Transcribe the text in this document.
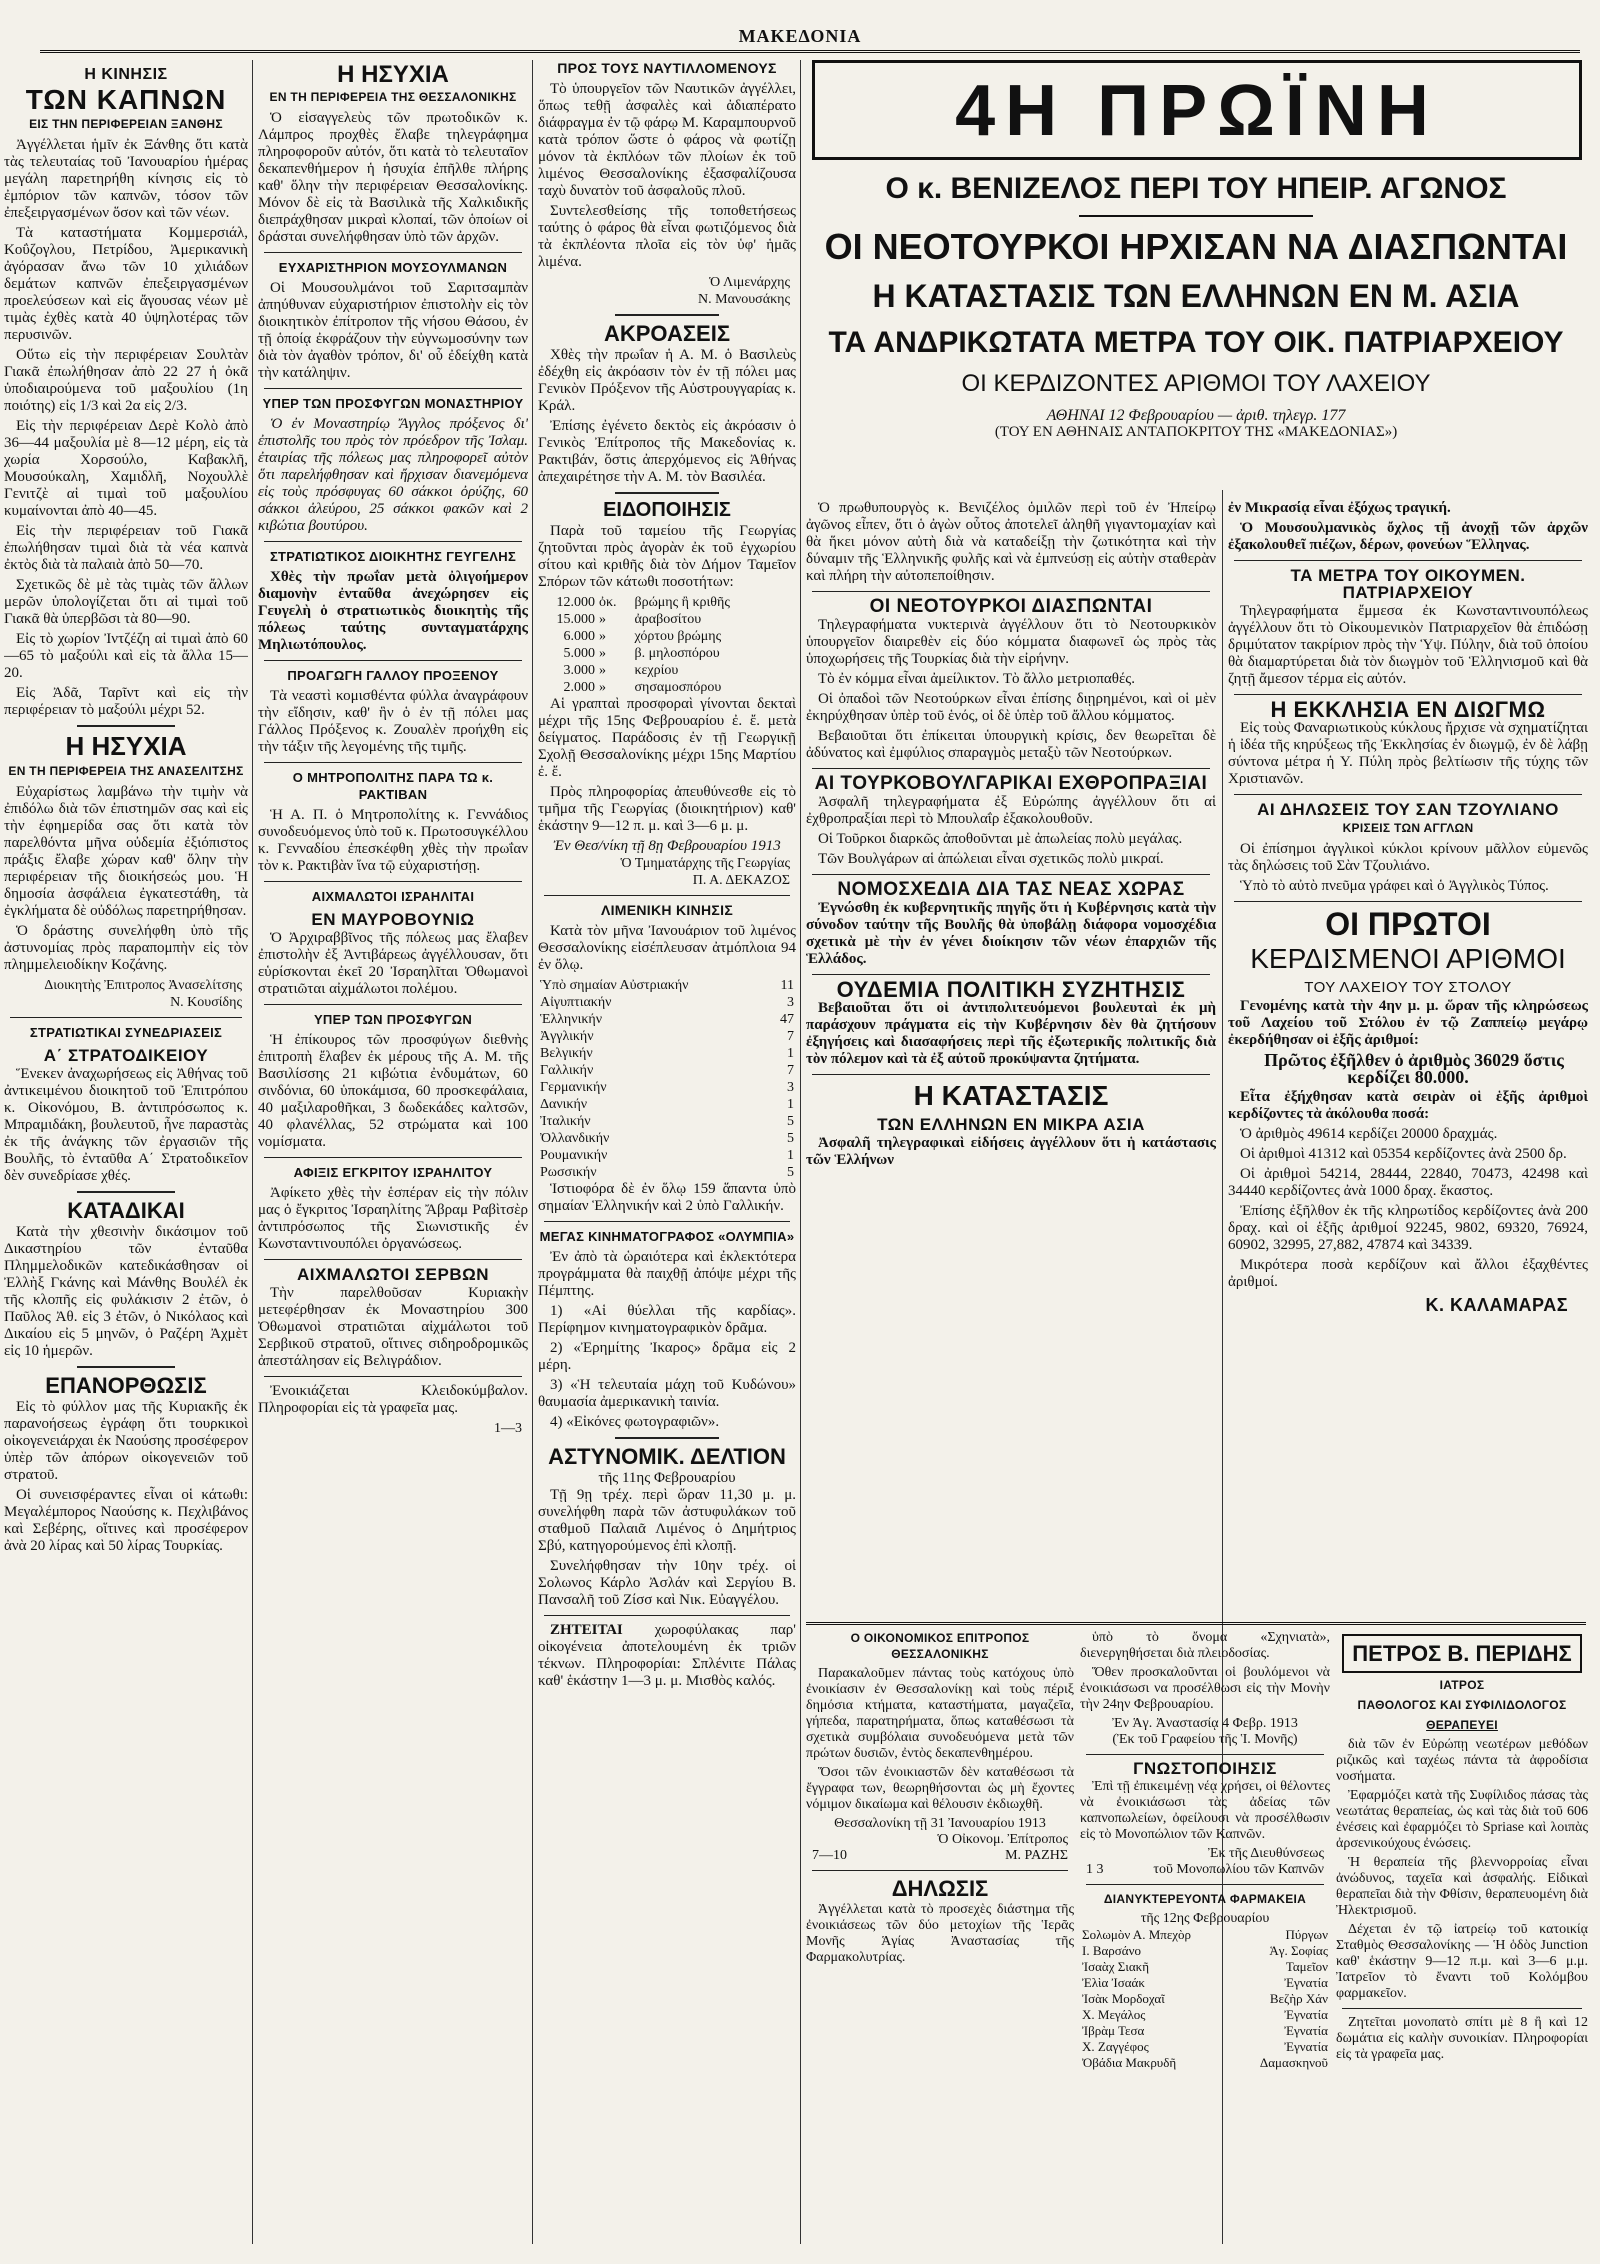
ΜΑΚΕΔΟΝΙΑ
Η ΚΙΝΗΣΙΣ
ΤΩΝ ΚΑΠΝΩΝ
ΕΙΣ ΤΗΝ ΠΕΡΙΦΕΡΕΙΑΝ ΞΑΝΘΗΣ

Ἀγγέλλεται ἡμῖν ἐκ Ξάνθης ὅτι κατὰ τὰς τελευταίας τοῦ Ἰανουαρίου ἡμέρας μεγάλη παρετηρήθη κίνησις εἰς τὸ ἐμπόριον τῶν καπνῶν, τόσον τῶν ἐπεξειργασμένων ὅσον καὶ τῶν νέων.

Τὰ καταστήματα Κομμερσιάλ, Κοΰζογλου, Πετρίδου, Ἀμερικανικὴ ἀγόρασαν ἄνω τῶν 10 χιλιάδων δεμάτων καπνῶν ἐπεξειργασμένων προελεύσεων καὶ εἰς ἄγουσας νέων μὲ τιμὰς ἐχθὲς κατὰ 40 ὑψηλοτέρας τῶν περυσινῶν.

Οὕτω εἰς τὴν περιφέρειαν Σουλτὰν Γιακᾶ ἐπωλήθησαν ἀπὸ 22 27 ἡ ὀκᾶ ὑποδιαιρούμενα τοῦ μαξουλίου (1η ποιότης) εἰς 1/3 καὶ 2α εἰς 2/3.

Εἰς τὴν περιφέρειαν Δερὲ Κολὸ ἀπὸ 36—44 μαξουλία μὲ 8—12 μέρη, εἰς τὰ χωρία Χορσούλο, Καβακλῆ, Μουσούκαλη, Χαμιδλῆ, Νοχουλλὲ Γενιτζὲ αἱ τιμαὶ τοῦ μαξουλίου κυμαίνονται ἀπὸ 40—45.

Εἰς τὴν περιφέρειαν τοῦ Γιακᾶ ἐπωλήθησαν τιμαὶ διὰ τὰ νέα καπνὰ ἐκτὸς διὰ τὰ παλαιὰ ἀπὸ 50—70.

Σχετικῶς δὲ μὲ τὰς τιμὰς τῶν ἄλλων μερῶν ὑπολογίζεται ὅτι αἱ τιμαὶ τοῦ Γιακᾶ θὰ ὑπερβῶσι τὰ 80—90.

Εἰς τὸ χωρίον Ἰντζέζη αἱ τιμαὶ ἀπὸ 60—65 τὸ μαξούλι καὶ εἰς τὰ ἄλλα 15—20.

Εἰς Ἀδᾶ, Ταρῖντ καὶ εἰς τὴν περιφέρειαν τὸ μαξούλι μέχρι 52.

Η ΗΣΥΧΙΑ
ΕΝ ΤΗ ΠΕΡΙΦΕΡΕΙΑ ΤΗΣ ΑΝΑΣΕΛΙΤΣΗΣ

Εὐχαρίστως λαμβάνω τὴν τιμὴν νὰ ἐπιδόλω διὰ τῶν ἐπιστημῶν σας καὶ εἰς τὴν ἐφημερίδα σας ὅτι κατὰ τὸν παρελθόντα μῆνα οὐδεμία ἐξιόπιστος πράξις ἔλαβε χώραν καθ' ὅλην τὴν περιφέρειαν τῆς διοικήσεώς μου. Ἡ δημοσία ἀσφάλεια ἐγκατεστάθη, τὰ ἐγκλήματα δὲ οὐδόλως παρετηρήθησαν.

Ὁ δράστης συνελήφθη ὑπὸ τῆς ἀστυνομίας πρὸς παραπομπὴν εἰς τὸν πλημμελειοδίκην Κοζάνης.

Διοικητὴς Ἐπιτροπος Ἀνασελίτσης
Ν. Κουσίδης
ΣΤΡΑΤΙΩΤΙΚΑΙ ΣΥΝΕΔΡΙΑΣΕΙΣ
Α΄ ΣΤΡΑΤΟΔΙΚΕΙΟΥ

Ἕνεκεν ἀναχωρήσεως εἰς Ἀθήνας τοῦ ἀντικειμένου διοικητοῦ τοῦ Ἐπιτρόπου κ. Οἰκονόμου, Β. ἀντιπρόσωπος κ. Μπραμιδάκη, βουλευτοῦ, ἦνε παραστὰς ἐκ τῆς ἀνάγκης τῶν ἐργασιῶν τῆς Βουλῆς, τὸ ἐνταῦθα Α΄ Στρατοδικεῖον δὲν συνεδρίασε χθές.

ΚΑΤΑΔΙΚΑΙ

Κατὰ τὴν χθεσινὴν δικάσιμον τοῦ Δικαστηρίου τῶν ἐνταῦθα Πλημμελοδικῶν κατεδικάσθησαν οἱ Ἐλλὴξ Γκάνης καὶ Μάνθης Βουλέλ ἐκ τῆς κλοπῆς εἰς φυλάκισιν 2 ἐτῶν, ὁ Παῦλος Ἀθ. εἰς 3 ἐτῶν, ὁ Νικόλαος καὶ Δικαίου εἰς 5 μηνῶν, ὁ Ραζέρη Ἀχμὲτ εἰς 10 ἡμερῶν.

ΕΠΑΝΟΡΘΩΣΙΣ

Εἰς τὸ φύλλον μας τῆς Κυριακῆς ἐκ παρανοήσεως ἐγράφη ὅτι τουρκικοὶ οἰκογενειάρχαι ἐκ Ναούσης προσέφερον ὑπὲρ τῶν ἀπόρων οἰκογενειῶν τοῦ στρατοῦ.

Οἱ συνεισφέραντες εἶναι οἱ κάτωθι: Μεγαλέμπορος Ναούσης κ. Πεχλιβάνος καὶ Σεβέρης, οἵτινες καὶ προσέφερον ἀνὰ 20 λίρας καὶ 50 λίρας Τουρκίας.

Η ΗΣΥΧΙΑ
ΕΝ ΤΗ ΠΕΡΙΦΕΡΕΙΑ ΤΗΣ ΘΕΣΣΑΛΟΝΙΚΗΣ

Ὁ εἰσαγγελεὺς τῶν πρωτοδικῶν κ. Λάμπρος προχθὲς ἔλαβε τηλεγράφημα πληροφοροῦν αὐτόν, ὅτι κατὰ τὸ τελευταῖον δεκαπενθήμερον ἡ ἡσυχία ἐπῆλθε πλήρης καθ' ὅλην τὴν περιφέρειαν Θεσσαλονίκης. Μόνον δὲ εἰς τὰ Βασιλικὰ τῆς Χαλκιδικῆς διεπράχθησαν μικραὶ κλοπαί, τῶν ὁποίων οἱ δράσται συνελήφθησαν ὑπὸ τῶν ἀρχῶν.

ΕΥΧΑΡΙΣΤΗΡΙΟΝ ΜΟΥΣΟΥΛΜΑΝΩΝ

Οἱ Μουσουλμάνοι τοῦ Σαριτσαμπὰν ἀπηύθυναν εὐχαριστήριον ἐπιστολὴν εἰς τὸν διοικητικὸν ἐπίτροπον τῆς νήσου Θάσου, ἐν τῇ ὁποίᾳ ἐκφράζουν τὴν εὐγνωμοσύνην των διὰ τὸν ἀγαθὸν τρόπον, δι' οὗ ἐδείχθη κατὰ τὴν κατάληψιν.

ΥΠΕΡ ΤΩΝ ΠΡΟΣΦΥΓΩΝ ΜΟΝΑΣΤΗΡΙΟΥ

Ὁ ἐν Μοναστηρίῳ Ἄγγλος πρόξενος δι' ἐπιστολῆς του πρὸς τὸν πρόεδρον τῆς Ἰσλαμ. ἐταιρίας τῆς πόλεως μας πληροφορεῖ αὐτὸν ὅτι παρελήφθησαν καὶ ἤρχισαν διανεμόμενα εἰς τοὺς πρόσφυγας 60 σάκκοι ὀρύζης, 60 σάκκοι ἀλεύρου, 25 σάκκοι φακῶν καὶ 2 κιβώτια βουτύρου.

ΣΤΡΑΤΙΩΤΙΚΟΣ ΔΙΟΙΚΗΤΗΣ ΓΕΥΓΕΛΗΣ

Χθὲς τὴν πρωΐαν μετὰ ὀλιγοήμερον διαμονὴν ἐνταῦθα ἀνεχώρησεν εἰς Γευγελὴ ὁ στρατιωτικὸς διοικητὴς τῆς πόλεως ταύτης συνταγματάρχης Μηλιωτόπουλος.

ΠΡΟΑΓΩΓΗ ΓΑΛΛΟΥ ΠΡΟΞΕΝΟΥ

Τὰ νεαστὶ κομισθέντα φύλλα ἀναγράφουν τὴν εἴδησιν, καθ' ἣν ὁ ἐν τῇ πόλει μας Γάλλος Πρόξενος κ. Ζουαλὲν προήχθη εἰς τὴν τάξιν τῆς λεγομένης τῆς τιμῆς.

Ο ΜΗΤΡΟΠΟΛΙΤΗΣ ΠΑΡΑ ΤΩ κ. ΡΑΚΤΙΒΑΝ

Ἡ Α. Π. ὁ Μητροπολίτης κ. Γεννάδιος συνοδευόμενος ὑπὸ τοῦ κ. Πρωτοσυγκέλλου κ. Γενναδίου ἐπεσκέφθη χθὲς τὴν πρωΐαν τὸν κ. Ρακτιβὰν ἵνα τῷ εὐχαριστήσῃ.

ΑΙΧΜΑΛΩΤΟΙ ΙΣΡΑΗΛΙΤΑΙ
ΕΝ ΜΑΥΡΟΒΟΥΝΙΩ

Ὁ Ἀρχιραββῖνος τῆς πόλεως μας ἔλαβεν ἐπιστολὴν ἐξ Ἀντιβάρεως ἀγγέλλουσαν, ὅτι εὑρίσκονται ἐκεῖ 20 Ἰσραηλῖται Ὀθωμανοὶ στρατιῶται αἰχμάλωτοι πολέμου.

ΥΠΕΡ ΤΩΝ ΠΡΟΣΦΥΓΩΝ

Ἡ ἐπίκουρος τῶν προσφύγων διεθνὴς ἐπιτροπὴ ἔλαβεν ἐκ μέρους τῆς Α. Μ. τῆς Βασιλίσσης 21 κιβώτια ἐνδυμάτων, 60 σινδόνια, 60 ὑποκάμισα, 60 προσκεφάλαια, 40 μαξιλαροθῆκαι, 3 δωδεκάδες καλτσῶν, 40 φλανέλλας, 52 στρώματα καὶ 100 νομίσματα.

ΑΦΙΞΙΣ ΕΓΚΡΙΤΟΥ ΙΣΡΑΗΛΙΤΟΥ

Ἀφίκετο χθὲς τὴν ἑσπέραν εἰς τὴν πόλιν μας ὁ ἔγκριτος Ἰσραηλίτης Ἄβραμ Ραβὶτσὲρ ἀντιπρόσωπος τῆς Σιωνιστικῆς ἐν Κωνσταντινουπόλει ὀργανώσεως.

ΑΙΧΜΑΛΩΤΟΙ ΣΕΡΒΩΝ

Τὴν παρελθοῦσαν Κυριακὴν μετεφέρθησαν ἐκ Μοναστηρίου 300 Ὀθωμανοὶ στρατιῶται αἰχμάλωτοι τοῦ Σερβικοῦ στρατοῦ, οἵτινες σιδηροδρομικῶς ἀπεστάλησαν εἰς Βελιγράδιον.

Ἐνοικιάζεται Κλειδοκύμβαλον. Πληροφορίαι εἰς τὰ γραφεῖα μας.

1—3
ΠΡΟΣ ΤΟΥΣ ΝΑΥΤΙΛΛΟΜΕΝΟΥΣ

Τὸ ὑπουργεῖον τῶν Ναυτικῶν ἀγγέλλει, ὅπως τεθῇ ἀσφαλὲς καὶ ἀδιαπέρατο διάφραγμα ἐν τῷ φάρῳ Μ. Καραμπουρνοῦ κατὰ τρόπον ὥστε ὁ φάρος νὰ φωτίζῃ μόνον τὰ ἐκπλόων τῶν πλοίων ἐκ τοῦ λιμένος Θεσσαλονίκης ἐξασφαλίζουσα ταχὺ δυνατὸν τοῦ ἀσφαλοῦς πλοῦ.

Συντελεσθείσης τῆς τοποθετήσεως ταύτης ὁ φάρος θὰ εἶναι φωτιζόμενος διὰ τὰ ἐκπλέοντα πλοῖα εἰς τὸν ὑφ' ἡμᾶς λιμένα.

Ὁ Λιμενάρχης
Ν. Μανουσάκης
ΑΚΡΟΑΣΕΙΣ

Χθὲς τὴν πρωΐαν ἡ Α. Μ. ὁ Βασιλεὺς ἐδέχθη εἰς ἀκρόασιν τὸν ἐν τῇ πόλει μας Γενικὸν Πρόξενον τῆς Αὐστρουγγαρίας κ. Κράλ.

Ἐπίσης ἐγένετο δεκτὸς εἰς ἀκρόασιν ὁ Γενικὸς Ἐπίτροπος τῆς Μακεδονίας κ. Ρακτιβάν, ὅστις ἀπερχόμενος εἰς Ἀθήνας ἀπεχαιρέτησε τὴν Α. Μ. τὸν Βασιλέα.

ΕΙΔΟΠΟΙΗΣΙΣ

Παρὰ τοῦ ταμείου τῆς Γεωργίας ζητοῦνται πρὸς ἀγορὰν ἐκ τοῦ ἐγχωρίου σίτου καὶ κριθῆς διὰ τὸν Δήμον Ταμεῖον Σπόρων τῶν κάτωθι ποσοτήτων:

12.000	ὀκ.	βρώμης ἢ κριθῆς
15.000	»	ἀραβοσίτου
6.000	»	χόρτου βρώμης
5.000	»	β. μηλοσπόρου
3.000	»	κεχρίου
2.000	»	σησαμοσπόρου

Αἱ γραπταὶ προσφοραὶ γίνονται δεκταὶ μέχρι τῆς 15ης Φεβρουαρίου ἐ. ἔ. μετὰ δείγματος. Παράδοσις ἐν τῇ Γεωργικῇ Σχολῇ Θεσσαλονίκης μέχρι 15ης Μαρτίου ἐ. ἔ.

Πρὸς πληροφορίας ἀπευθύνεσθε εἰς τὸ τμῆμα τῆς Γεωργίας (διοικητήριον) καθ' ἑκάστην 9—12 π. μ. καὶ 3—6 μ. μ.

Ἐν Θεσ/νίκη τῇ 8ῃ Φεβρουαρίου 1913
Ὁ Τμηματάρχης τῆς Γεωργίας
Π. Α. ΔΕΚΑΖΟΣ
ΛΙΜΕΝΙΚΗ ΚΙΝΗΣΙΣ

Κατὰ τὸν μῆνα Ἰανουάριον τοῦ λιμένος Θεσσαλονίκης εἰσέπλευσαν ἀτμόπλοια 94 ἐν ὅλῳ.

Ὑπὸ σημαίαν Αὐστριακήν	11
Αἰγυπτιακήν	3
Ἑλληνικήν	47
Ἀγγλικήν	7
Βελγικήν	1
Γαλλικήν	7
Γερμανικήν	3
Δανικήν	1
Ἰταλικήν	5
Ὀλλανδικήν	5
Ρουμανικήν	1
Ρωσσικήν	5

Ἱστιοφόρα δὲ ἐν ὅλῳ 159 ἅπαντα ὑπὸ σημαίαν Ἑλληνικήν καὶ 2 ὑπὸ Γαλλικήν.

ΜΕΓΑΣ ΚΙΝΗΜΑΤΟΓΡΑΦΟΣ «ΟΛΥΜΠΙΑ»

Ἐν ἀπὸ τὰ ὡραιότερα καὶ ἐκλεκτότερα προγράμματα θὰ παιχθῇ ἀπόψε μέχρι τῆς Πέμπτης.

1) «Αἱ θύελλαι τῆς καρδίας». Περίφημον κινηματογραφικὸν δρᾶμα.

2) «Ἐρημίτης Ἰκαρος» δρᾶμα εἰς 2 μέρη.

3) «Ἡ τελευταία μάχη τοῦ Κυδώνου» θαυμασία ἀμερικανικὴ ταινία.

4) «Εἰκόνες φωτογραφιῶν».

ΑΣΤΥΝΟΜΙΚ. ΔΕΛΤΙΟΝ
τῆς 11ης Φεβρουαρίου

Τῇ 9ῃ τρέχ. περὶ ὥραν 11,30 μ. μ. συνελήφθη παρὰ τῶν ἀστυφυλάκων τοῦ σταθμοῦ Παλαιᾶ Λιμένος ὁ Δημήτριος Σβύ, κατηγορούμενος ἐπὶ κλοπῇ.

Συνελήφθησαν τὴν 10ην τρέχ. οἱ Σολωνος Κάρλο Ἀσλάν καὶ Σεργίου Β. Πανσαλῆ τοῦ Ζίσσ καὶ Νικ. Εὐαγγέλου.

ΖΗΤΕΙΤΑΙ χωροφύλακας παρ' οἰκογένεια ἀποτελουμένη ἐκ τριῶν τέκνων. Πληροφορίαι: Σπλένιτε Πάλας καθ' ἑκάστην 1—3 μ. μ. Μισθὸς καλός.

4Η ΠΡΩΪΝΗ
Ο κ. ΒΕΝΙΖΕΛΟΣ ΠΕΡΙ ΤΟΥ ΗΠΕΙΡ. ΑΓΩΝΟΣ
ΟΙ ΝΕΟΤΟΥΡΚΟΙ ΗΡΧΙΣΑΝ ΝΑ ΔΙΑΣΠΩΝΤΑΙ
Η ΚΑΤΑΣΤΑΣΙΣ ΤΩΝ ΕΛΛΗΝΩΝ ΕΝ Μ. ΑΣΙΑ
ΤΑ ΑΝΔΡΙΚΩΤΑΤΑ ΜΕΤΡΑ ΤΟΥ ΟΙΚ. ΠΑΤΡΙΑΡΧΕΙΟΥ
ΟΙ ΚΕΡΔΙΖΟΝΤΕΣ ΑΡΙΘΜΟΙ ΤΟΥ ΛΑΧΕΙΟΥ
ΑΘΗΝΑΙ 12 Φεβρουαρίου — ἀριθ. τηλεγρ. 177
(ΤΟΥ ΕΝ ΑΘΗΝΑΙΣ ΑΝΤΑΠΟΚΡΙΤΟΥ ΤΗΣ «ΜΑΚΕΔΟΝΙΑΣ»)

Ὁ πρωθυπουργὸς κ. Βενιζέλος ὁμιλῶν περὶ τοῦ ἐν Ἠπείρῳ ἀγῶνος εἶπεν, ὅτι ὁ ἀγὼν οὗτος ἀποτελεῖ ἀληθῆ γιγαντομαχίαν καὶ θὰ ἥκει μόνον αὐτὴ διὰ νὰ καταδείξῃ τὴν ζωτικότητα καὶ τὴν δύναμιν τῆς Ἑλληνικῆς φυλῆς καὶ νὰ ἐμπνεύσῃ εἰς αὐτὴν σταθερὰν καὶ πλήρη τὴν αὐτοπεποίθησιν.

ΟΙ ΝΕΟΤΟΥΡΚΟΙ ΔΙΑΣΠΩΝΤΑΙ

Τηλεγραφήματα νυκτερινὰ ἀγγέλλουν ὅτι τὸ Νεοτουρκικὸν ὑπουργεῖον διαιρεθὲν εἰς δύο κόμματα διαφωνεῖ ὡς πρὸς τὰς ὑποχωρήσεις τῆς Τουρκίας διὰ τὴν εἰρήνην.

Τὸ ἐν κόμμα εἶναι ἀμείλικτον. Τὸ ἄλλο μετριοπαθές.

Οἱ ὀπαδοὶ τῶν Νεοτούρκων εἶναι ἐπίσης διῃρημένοι, καὶ οἱ μὲν ἐκηρύχθησαν ὑπὲρ τοῦ ἑνός, οἱ δὲ ὑπὲρ τοῦ ἄλλου κόμματος.

Βεβαιοῦται ὅτι ἐπίκειται ὑπουργικὴ κρίσις, δεν θεωρεῖται δὲ ἀδύνατος καὶ ἐμφύλιος σπαραγμὸς μεταξὺ τῶν Νεοτούρκων.

ΑΙ ΤΟΥΡΚΟΒΟΥΛΓΑΡΙΚΑΙ ΕΧΘΡΟΠΡΑΞΙΑΙ

Ἀσφαλῆ τηλεγραφήματα ἐξ Εὐρώπης ἀγγέλλουν ὅτι αἱ ἐχθροπραξίαι περὶ τὸ Μπουλαΐρ ἐξακολουθοῦν.

Οἱ Τοῦρκοι διαρκῶς ἀποθοῦνται μὲ ἀπωλείας πολὺ μεγάλας.

Τῶν Βουλγάρων αἱ ἀπώλειαι εἶναι σχετικῶς πολὺ μικραί.

ΝΟΜΟΣΧΕΔΙΑ ΔΙΑ ΤΑΣ ΝΕΑΣ ΧΩΡΑΣ

Ἐγνώσθη ἐκ κυβερνητικῆς πηγῆς ὅτι ἡ Κυβέρνησις κατὰ τὴν σύνοδον ταύτην τῆς Βουλῆς θὰ ὑποβάλῃ διάφορα νομοσχέδια σχετικὰ μὲ τὴν ἐν γένει διοίκησιν τῶν νέων ἐπαρχιῶν τῆς Ἑλλάδος.

ΟΥΔΕΜΙΑ ΠΟΛΙΤΙΚΗ ΣΥΖΗΤΗΣΙΣ

Βεβαιοῦται ὅτι οἱ ἀντιπολιτευόμενοι βουλευταὶ ἐκ μὴ παράσχουν πράγματα εἰς τὴν Κυβέρνησιν δὲν θὰ ζητήσουν ἐξηγήσεις καὶ διασαφήσεις περὶ τῆς ἐξωτερικῆς πολιτικῆς διὰ τὸν πόλεμον καὶ τὰ ἐξ αὐτοῦ προκύψαντα ζητήματα.

Η ΚΑΤΑΣΤΑΣΙΣ
ΤΩΝ ΕΛΛΗΝΩΝ ΕΝ ΜΙΚΡΑ ΑΣΙΑ

Ἀσφαλῆ τηλεγραφικαὶ εἰδήσεις ἀγγέλλουν ὅτι ἡ κατάστασις τῶν Ἑλλήνων

ἐν Μικρασίᾳ εἶναι ἐξόχως τραγική.

Ὁ Μουσουλμανικὸς ὄχλος τῇ ἀνοχῇ τῶν ἀρχῶν ἐξακολουθεῖ πιέζων, δέρων, φονεύων Ἕλληνας.

ΤΑ ΜΕΤΡΑ ΤΟΥ ΟΙΚΟΥΜΕΝ. ΠΑΤΡΙΑΡΧΕΙΟΥ

Τηλεγραφήματα ἔμμεσα ἐκ Κωνσταντινουπόλεως ἀγγέλλουν ὅτι τὸ Οἰκουμενικὸν Πατριαρχεῖον θὰ ἐπιδώσῃ δριμύτατον τακρίριον πρὸς τὴν Ὑψ. Πύλην, διὰ τοῦ ὁποίου θὰ διαμαρτύρεται διὰ τὸν διωγμὸν τοῦ Ἑλληνισμοῦ καὶ θὰ ζητῇ ἄμεσον τέρμα εἰς αὐτόν.

Η ΕΚΚΛΗΣΙΑ ΕΝ ΔΙΩΓΜΩ

Εἰς τοὺς Φαναριωτικοὺς κύκλους ἤρχισε νὰ σχηματίζηται ἡ ἰδέα τῆς κηρύξεως τῆς Ἐκκλησίας ἐν διωγμῷ, ἐν δὲ λάβῃ σύντονα μέτρα ἡ Υ. Πύλη πρὸς βελτίωσιν τῆς τύχης τῶν Χριστιανῶν.

ΑΙ ΔΗΛΩΣΕΙΣ ΤΟΥ ΣΑΝ ΤΖΟΥΛΙΑΝΟ
ΚΡΙΣΕΙΣ ΤΩΝ ΑΓΓΛΩΝ

Οἱ ἐπίσημοι ἀγγλικοὶ κύκλοι κρίνουν μᾶλλον εὐμενῶς τὰς δηλώσεις τοῦ Σὰν Τζουλιάνο.

Ὑπὸ τὸ αὐτὸ πνεῦμα γράφει καὶ ὁ Ἀγγλικὸς Τύπος.

ΟΙ ΠΡΩΤΟΙ
ΚΕΡΔΙΣΜΕΝΟΙ ΑΡΙΘΜΟΙ
ΤΟΥ ΛΑΧΕΙΟΥ ΤΟΥ ΣΤΟΛΟΥ

Γενομένης κατὰ τὴν 4ην μ. μ. ὥραν τῆς κληρώσεως τοῦ Λαχείου τοῦ Στόλου ἐν τῷ Ζαππείῳ μεγάρῳ ἐκερδήθησαν οἱ ἑξῆς ἀριθμοί:

Πρῶτος ἐξῆλθεν ὁ ἀριθμὸς 36029 ὅστις κερδίζει 80.000.

Εἶτα ἐξήχθησαν κατὰ σειρὰν οἱ ἑξῆς ἀριθμοὶ κερδίζοντες τὰ ἀκόλουθα ποσά:

Ὁ ἀριθμὸς 49614 κερδίζει 20000 δραχμάς.

Οἱ ἀριθμοὶ 41312 καὶ 05354 κερδίζοντες ἀνὰ 2500 δρ.

Οἱ ἀριθμοὶ 54214, 28444, 22840, 70473, 42498 καὶ 34440 κερδίζοντες ἀνὰ 1000 δραχ. ἕκαστος.

Ἐπίσης ἐξῆλθον ἐκ τῆς κληρωτίδος κερδίζοντες ἀνὰ 200 δραχ. καὶ οἱ ἑξῆς ἀριθμοί 92245, 9802, 69320, 76924, 60902, 32995, 27,882, 47874 καὶ 34339.

Μικρότερα ποσὰ κερδίζουν καὶ ἄλλοι ἐξαχθέντες ἀριθμοί.

Κ. ΚΑΛΑΜΑΡΑΣ
Ο ΟΙΚΟΝΟΜΙΚΟΣ ΕΠΙΤΡΟΠΟΣ ΘΕΣΣΑΛΟΝΙΚΗΣ

Παρακαλοῦμεν πάντας τοὺς κατόχους ὑπὸ ἐνοικίασιν ἐν Θεσσαλονίκῃ καὶ τοὺς πέριξ δημόσια κτήματα, καταστήματα, μαγαζεῖα, γήπεδα, παρατηρήματα, ὅπως καταθέσωσι τὰ σχετικὰ συμβόλαια συνοδευόμενα μετὰ τῶν πρώτων δυσιῶν, ἐντὸς δεκαπενθημέρου.

Ὅσοι τῶν ἐνοικιαστῶν δὲν καταθέσωσι τὰ ἔγγραφα των, θεωρηθήσονται ὡς μὴ ἔχοντες νόμιμον δικαίωμα καὶ θέλουσιν ἐκδιωχθῆ.

Θεσσαλονίκη τῇ 31 Ἰανουαρίου 1913
Ὁ Οἰκονομ. Ἐπίτροπος
7—10	Μ. ΡΑΖΗΣ
ΔΗΛΩΣΙΣ

Ἀγγέλλεται κατὰ τὸ προσεχὲς διάστημα τῆς ἐνοικιάσεως τῶν δύο μετοχίων τῆς Ἱερᾶς Μονῆς Ἁγίας Ἀναστασίας τῆς Φαρμακολυτρίας.

ὑπὸ τὸ ὄνομα «Σχηνιατὰ», διενεργηθήσεται διὰ πλειοδοσίας.

Ὅθεν προσκαλοῦνται οἱ βουλόμενοι νὰ ἐνοικιάσωσι να προσέλθωσι εἰς τὴν Μονὴν τὴν 24ην Φεβρουαρίου.

Ἐν Ἁγ. Ἀναστασίᾳ 4 Φεβρ. 1913
(Ἐκ τοῦ Γραφείου τῆς Ἱ. Μονῆς)
ΓΝΩΣΤΟΠΟΙΗΣΙΣ

Ἐπὶ τῇ ἐπικειμένῃ νέᾳ χρήσει, οἱ θέλοντες νὰ ἐνοικιάσωσι τὰς ἀδείας τῶν καπνοπωλείων, ὀφείλουσι νὰ προσέλθωσιν εἰς τὸ Μονοπώλιον τῶν Καπνῶν.

Ἐκ τῆς Διευθύνσεως
1 3	τοῦ Μονοπωλίου τῶν Καπνῶν
ΔΙΑΝΥΚΤΕΡΕΥΟΝΤΑ ΦΑΡΜΑΚΕΙΑ
τῆς 12ης Φεβρουαρίου
Σολωμὸν Α. Μπεχὸρ	Πύργων
Ι. Βαρσάνο	Ἁγ. Σοφίας
Ἰσαὰχ Σιακῆ	Ταμεῖον
Ἐλὶα Ἰσαάκ	Ἐγνατία
Ἰσὰκ Μορδοχαῖ	Βεζὴρ Χάν
Χ. Μεγάλος	Ἐγνατία
Ἰβρὰμ Τεσα	Ἐγνατία
Χ. Ζαγγέφος	Ἐγνατία
Ὀβάδια Μακρυδῆ	Δαμασκηνοῦ
ΠΕΤΡΟΣ Β. ΠΕΡΙΔΗΣ
ΙΑΤΡΟΣ
ΠΑΘΟΛΟΓΟΣ ΚΑΙ ΣΥΦΙΛΙΔΟΛΟΓΟΣ
ΘΕΡΑΠΕΥΕΙ

διὰ τῶν ἐν Εὐρώπῃ νεωτέρων μεθόδων ριζικῶς καὶ ταχέως πάντα τὰ ἀφροδίσια νοσήματα.

Ἐφαρμόζει κατὰ τῆς Συφίλιδος πάσας τὰς νεωτάτας θεραπείας, ὡς καὶ τὰς διὰ τοῦ 606 ἐνέσεις καὶ ἐφαρμόζει τὸ Spriase καὶ λοιπὰς ἀρσενικούχους ἐνώσεις.

Ἡ θεραπεία τῆς βλεννορροίας εἶναι ἀνώδυνος, ταχεῖα καὶ ἀσφαλής. Εἰδικαὶ θεραπεῖαι διὰ τὴν Φθίσιν, θεραπευομένη διὰ Ἠλεκτρισμοῦ.

Δέχεται ἐν τῷ ἰατρείῳ τοῦ κατοικίᾳ Σταθμὸς Θεσσαλονίκης — Ἡ ὁδὸς Junction καθ' ἑκάστην 9—12 π.μ. καὶ 3—6 μ.μ. Ἰατρεῖον τὸ ἔναντι τοῦ Κολόμβου φαρμακεῖον.

Ζητεῖται μονοπατὸ σπίτι μὲ 8 ἢ καὶ 12 δωμάτια εἰς καλὴν συνοικίαν. Πληροφορίαι εἰς τὰ γραφεῖα μας.
